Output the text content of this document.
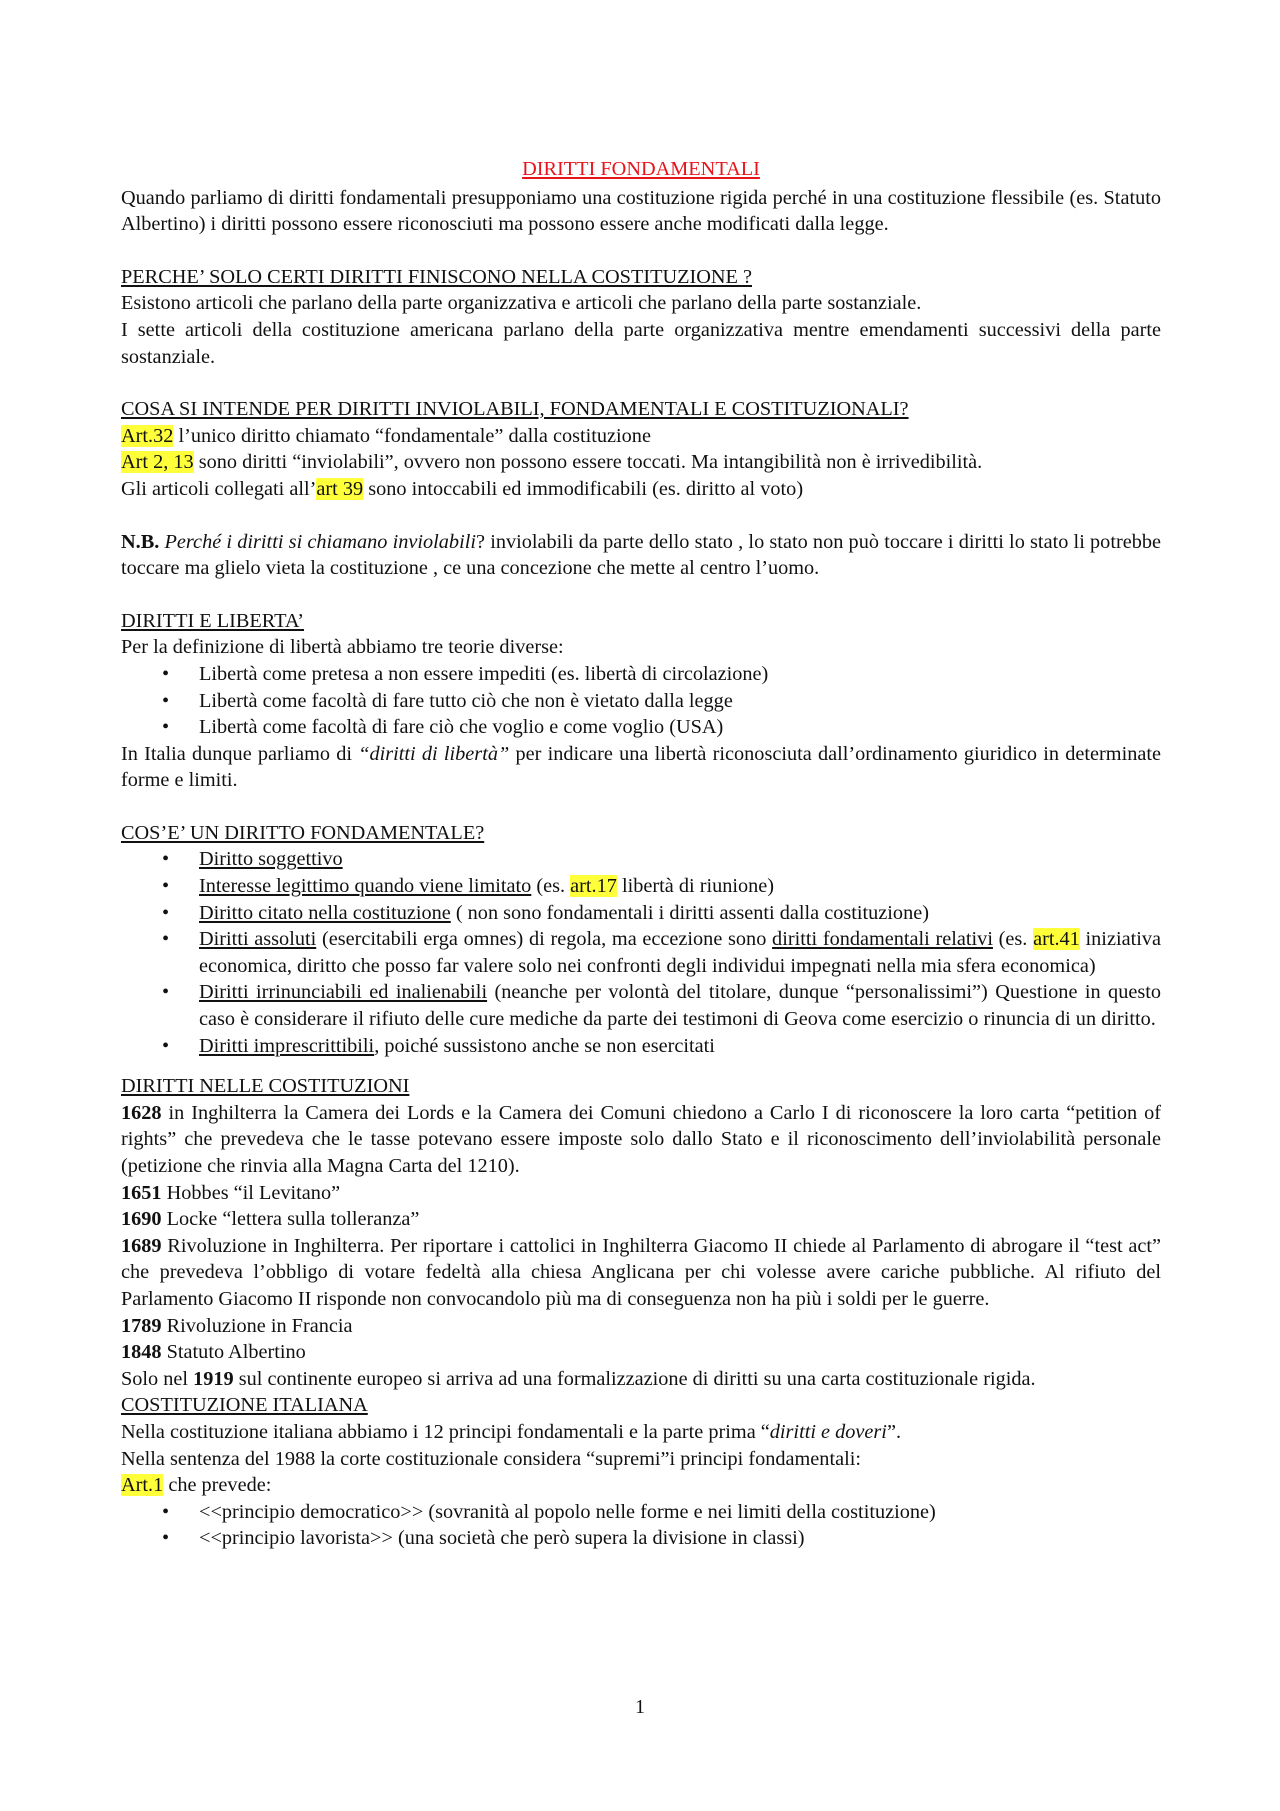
DIRITTI FONDAMENTALI

Quando parliamo di diritti fondamentali presupponiamo una costituzione rigida perché in una costituzione flessibile (es. Statuto Albertino) i diritti possono essere riconosciuti ma possono essere anche modificati dalla legge.

PERCHE’ SOLO CERTI DIRITTI FINISCONO NELLA COSTITUZIONE ?

Esistono articoli che parlano della parte organizzativa e articoli che parlano della parte sostanziale.

I sette articoli della costituzione americana parlano della parte organizzativa mentre emendamenti successivi della parte sostanziale.

COSA SI INTENDE PER DIRITTI INVIOLABILI, FONDAMENTALI E COSTITUZIONALI?

Art.32 l’unico diritto chiamato “fondamentale” dalla costituzione

Art 2, 13 sono diritti “inviolabili”, ovvero non possono essere toccati. Ma intangibilità non è irrivedibilità.

Gli articoli collegati all’art 39 sono intoccabili ed immodificabili (es. diritto al voto)

N.B. Perché i diritti si chiamano inviolabili? inviolabili da parte dello stato , lo stato non può toccare i diritti lo stato li potrebbe toccare ma glielo vieta la costituzione , ce una concezione che mette al centro l’uomo.

DIRITTI E LIBERTA’

Per la definizione di libertà abbiamo tre teorie diverse:

• Libertà come pretesa a non essere impediti (es. libertà di circolazione)
• Libertà come facoltà di fare tutto ciò che non è vietato dalla legge
• Libertà come facoltà di fare ciò che voglio e come voglio (USA)

In Italia dunque parliamo di “diritti di libertà” per indicare una libertà riconosciuta dall’ordinamento giuridico in determinate forme e limiti.

COS’E’ UN DIRITTO FONDAMENTALE?

• Diritto soggettivo
• Interesse legittimo quando viene limitato (es. art.17 libertà di riunione)
• Diritto citato nella costituzione ( non sono fondamentali i diritti assenti dalla costituzione)
• Diritti assoluti (esercitabili erga omnes) di regola, ma eccezione sono diritti fondamentali relativi (es. art.41 iniziativa economica, diritto che posso far valere solo nei confronti degli individui impegnati nella mia sfera economica)
• Diritti irrinunciabili ed inalienabili (neanche per volontà del titolare, dunque “personalissimi”) Questione in questo caso è considerare il rifiuto delle cure mediche da parte dei testimoni di Geova come esercizio o rinuncia di un diritto.
• Diritti imprescrittibili, poiché sussistono anche se non esercitati

DIRITTI NELLE COSTITUZIONI

1628 in Inghilterra la Camera dei Lords e la Camera dei Comuni chiedono a Carlo I di riconoscere la loro carta “petition of rights” che prevedeva che le tasse potevano essere imposte solo dallo Stato e il riconoscimento dell’inviolabilità personale (petizione che rinvia alla Magna Carta del 1210).

1651 Hobbes “il Levitano”

1690 Locke “lettera sulla tolleranza”

1689 Rivoluzione in Inghilterra. Per riportare i cattolici in Inghilterra Giacomo II chiede al Parlamento di abrogare il “test act” che prevedeva l’obbligo di votare fedeltà alla chiesa Anglicana per chi volesse avere cariche pubbliche. Al rifiuto del Parlamento Giacomo II risponde non convocandolo più ma di conseguenza non ha più i soldi per le guerre.

1789 Rivoluzione in Francia

1848 Statuto Albertino

Solo nel 1919 sul continente europeo si arriva ad una formalizzazione di diritti su una carta costituzionale rigida.

COSTITUZIONE ITALIANA

Nella costituzione italiana abbiamo i 12 principi fondamentali e la parte prima “diritti e doveri”.

Nella sentenza del 1988 la corte costituzionale considera “supremi”i principi fondamentali:

Art.1 che prevede:

• <<principio democratico>> (sovranità al popolo nelle forme e nei limiti della costituzione)
• <<principio lavorista>> (una società che però supera la divisione in classi)
1
